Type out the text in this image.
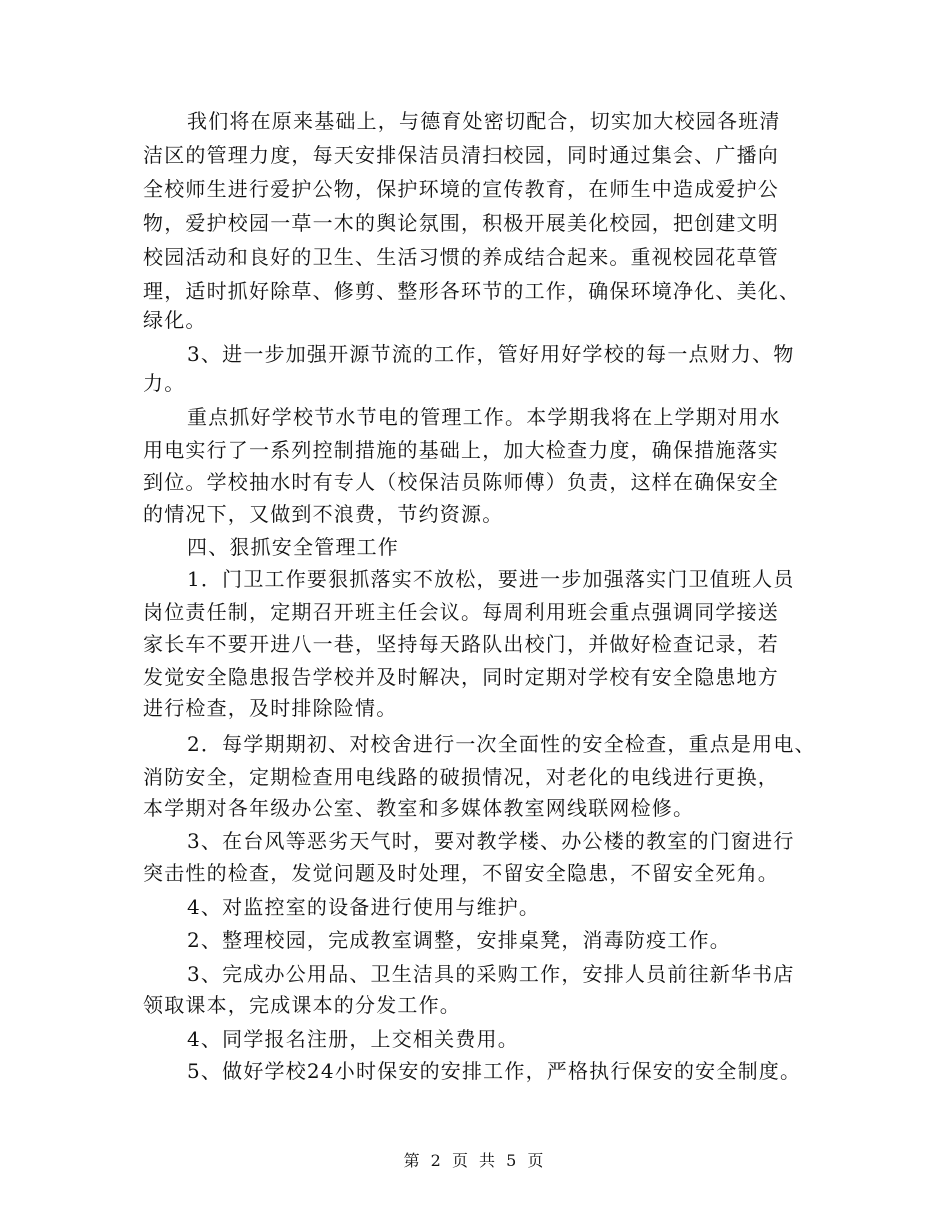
我们将在原来基础上，与德育处密切配合，切实加大校园各班清
洁区的管理力度，每天安排保洁员清扫校园，同时通过集会、广播向
全校师生进行爱护公物，保护环境的宣传教育，在师生中造成爱护公
物，爱护校园一草一木的舆论氛围，积极开展美化校园，把创建文明
校园活动和良好的卫生、生活习惯的养成结合起来。重视校园花草管
理，适时抓好除草、修剪、整形各环节的工作，确保环境净化、美化、
绿化。
3、进一步加强开源节流的工作，管好用好学校的每一点财力、物
力。
重点抓好学校节水节电的管理工作。本学期我将在上学期对用水
用电实行了一系列控制措施的基础上，加大检查力度，确保措施落实
到位。学校抽水时有专人（校保洁员陈师傅）负责，这样在确保安全
的情况下，又做到不浪费，节约资源。
四、狠抓安全管理工作
1．门卫工作要狠抓落实不放松，要进一步加强落实门卫值班人员
岗位责任制，定期召开班主任会议。每周利用班会重点强调同学接送
家长车不要开进八一巷，坚持每天路队出校门，并做好检查记录，若
发觉安全隐患报告学校并及时解决，同时定期对学校有安全隐患地方
进行检查，及时排除险情。
2．每学期期初、对校舍进行一次全面性的安全检查，重点是用电、
消防安全，定期检查用电线路的破损情况，对老化的电线进行更换，
本学期对各年级办公室、教室和多媒体教室网线联网检修。
3、在台风等恶劣天气时，要对教学楼、办公楼的教室的门窗进行
突击性的检查，发觉问题及时处理，不留安全隐患，不留安全死角。
4、对监控室的设备进行使用与维护。
2、整理校园，完成教室调整，安排桌凳，消毒防疫工作。
3、完成办公用品、卫生洁具的采购工作，安排人员前往新华书店
领取课本，完成课本的分发工作。
4、同学报名注册，上交相关费用。
5、做好学校24小时保安的安排工作，严格执行保安的安全制度。
第 2 页 共 5 页
